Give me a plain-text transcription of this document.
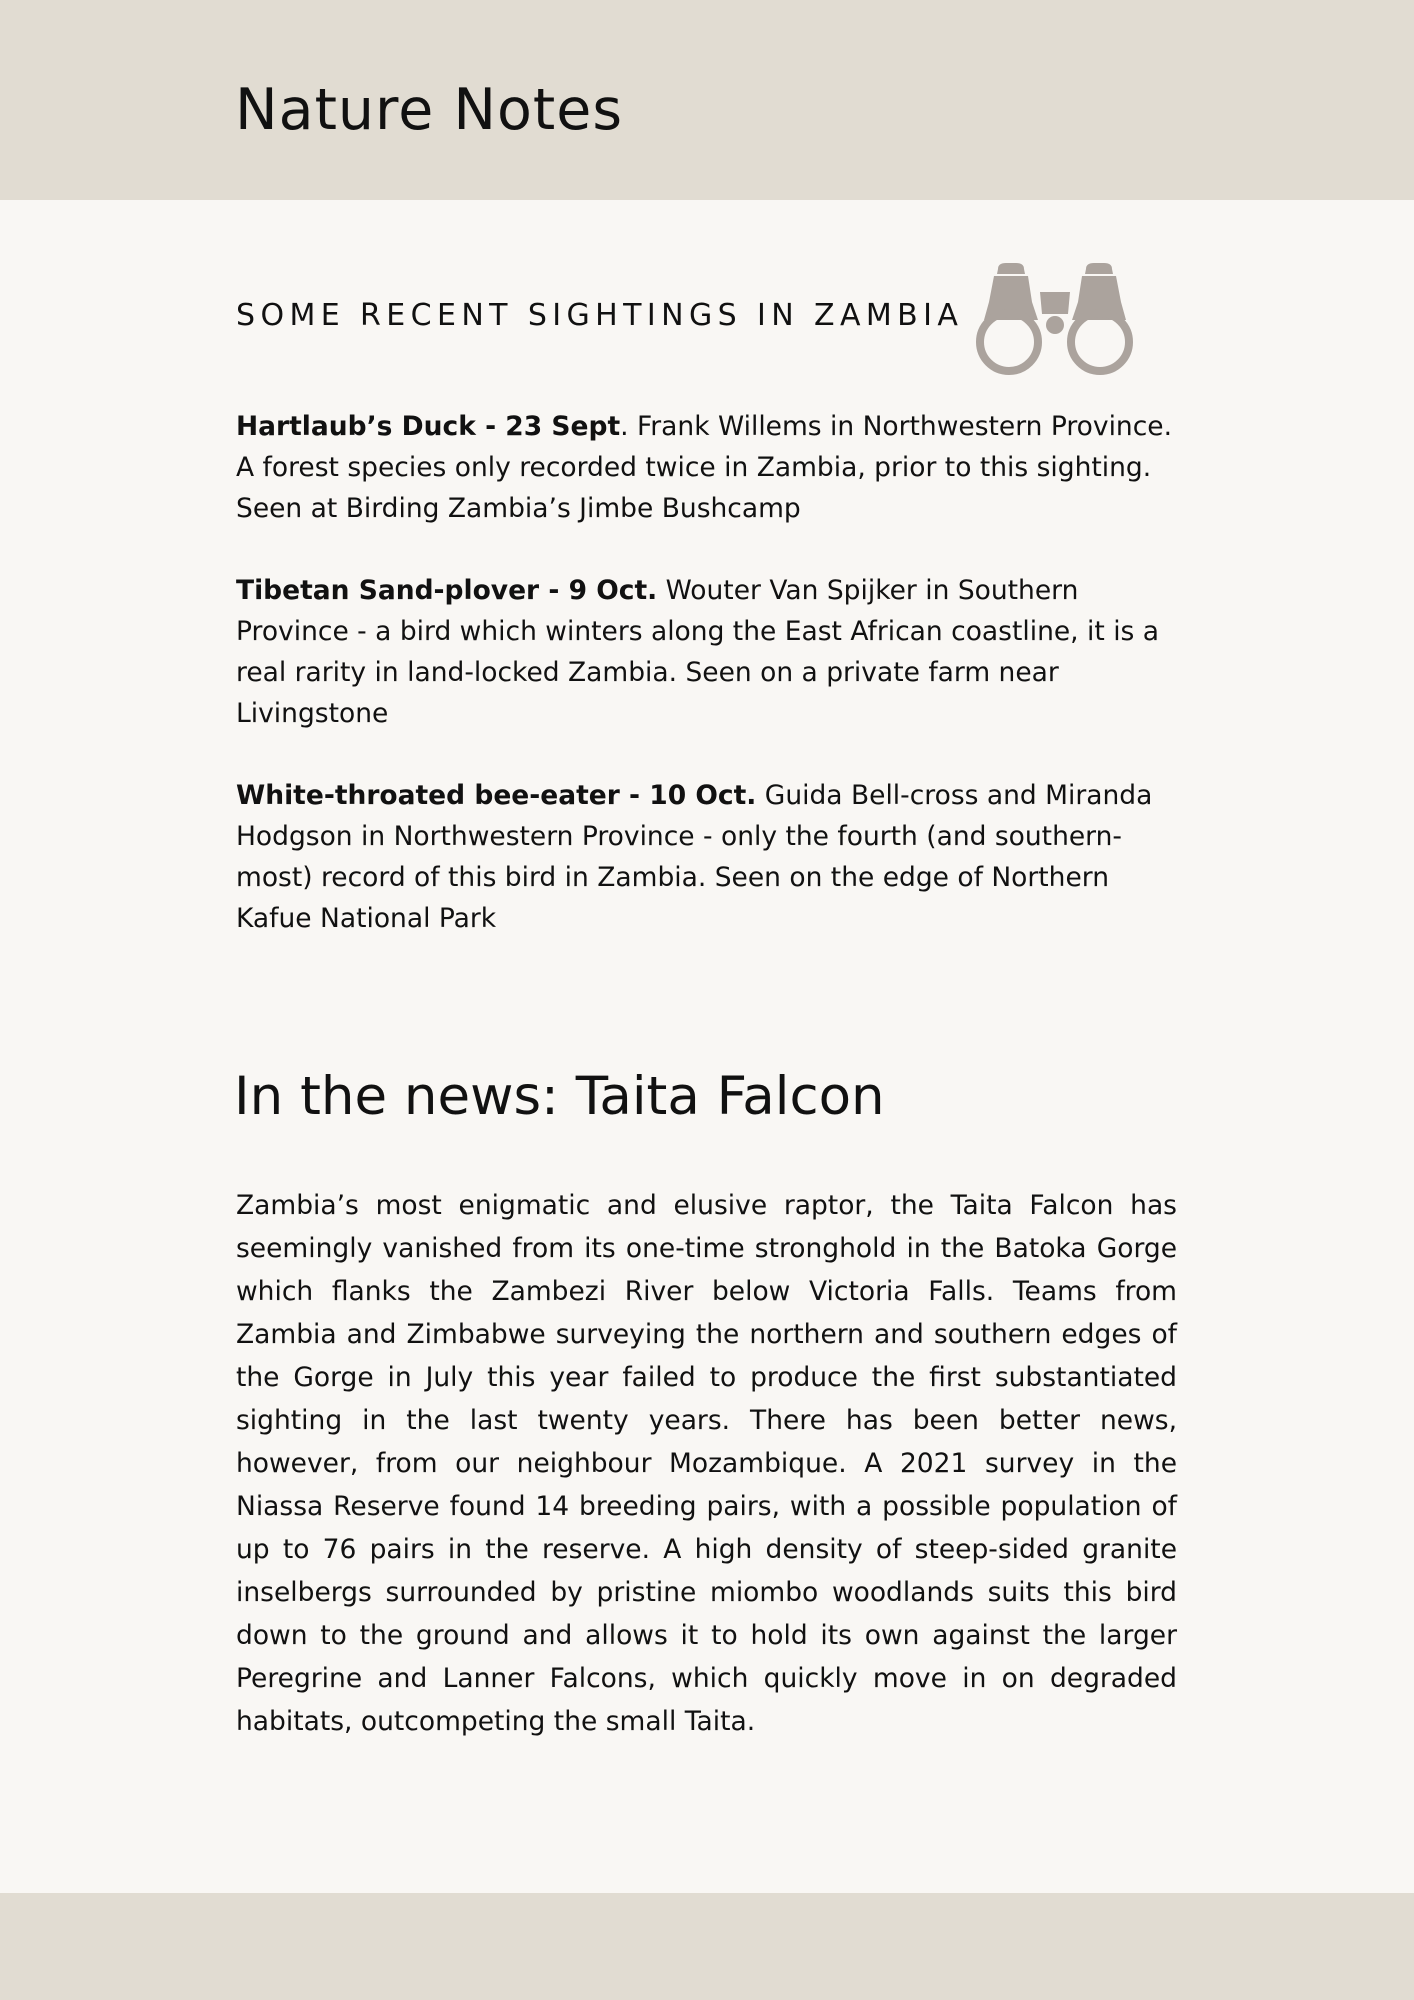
Nature Notes
SOME RECENT SIGHTINGS IN ZAMBIA

Hartlaub’s Duck - 23 Sept. Frank Willems in Northwestern Province. A forest species only recorded twice in Zambia, prior to this sighting. Seen at Birding Zambia’s Jimbe Bushcamp

Tibetan Sand-plover - 9 Oct. Wouter Van Spijker in Southern Province - a bird which winters along the East African coastline, it is a real rarity in land-locked Zambia. Seen on a private farm near Livingstone

White-throated bee-eater - 10 Oct. Guida Bell-cross and Miranda Hodgson in Northwestern Province - only the fourth (and southern-most) record of this bird in Zambia. Seen on the edge of Northern Kafue National Park

In the news: Taita Falcon

Zambia’s most enigmatic and elusive raptor, the Taita Falcon has seemingly vanished from its one-time stronghold in the Batoka Gorge which flanks the Zambezi River below Victoria Falls. Teams from Zambia and Zimbabwe surveying the northern and southern edges of the Gorge in July this year failed to produce the first substantiated sighting in the last twenty years. There has been better news, however, from our neighbour Mozambique. A 2021 survey in the Niassa Reserve found 14 breeding pairs, with a possible population of up to 76 pairs in the reserve. A high density of steep-sided granite inselbergs surrounded by pristine miombo woodlands suits this bird down to the ground and allows it to hold its own against the larger Peregrine and Lanner Falcons, which quickly move in on degraded habitats, outcompeting the small Taita.
